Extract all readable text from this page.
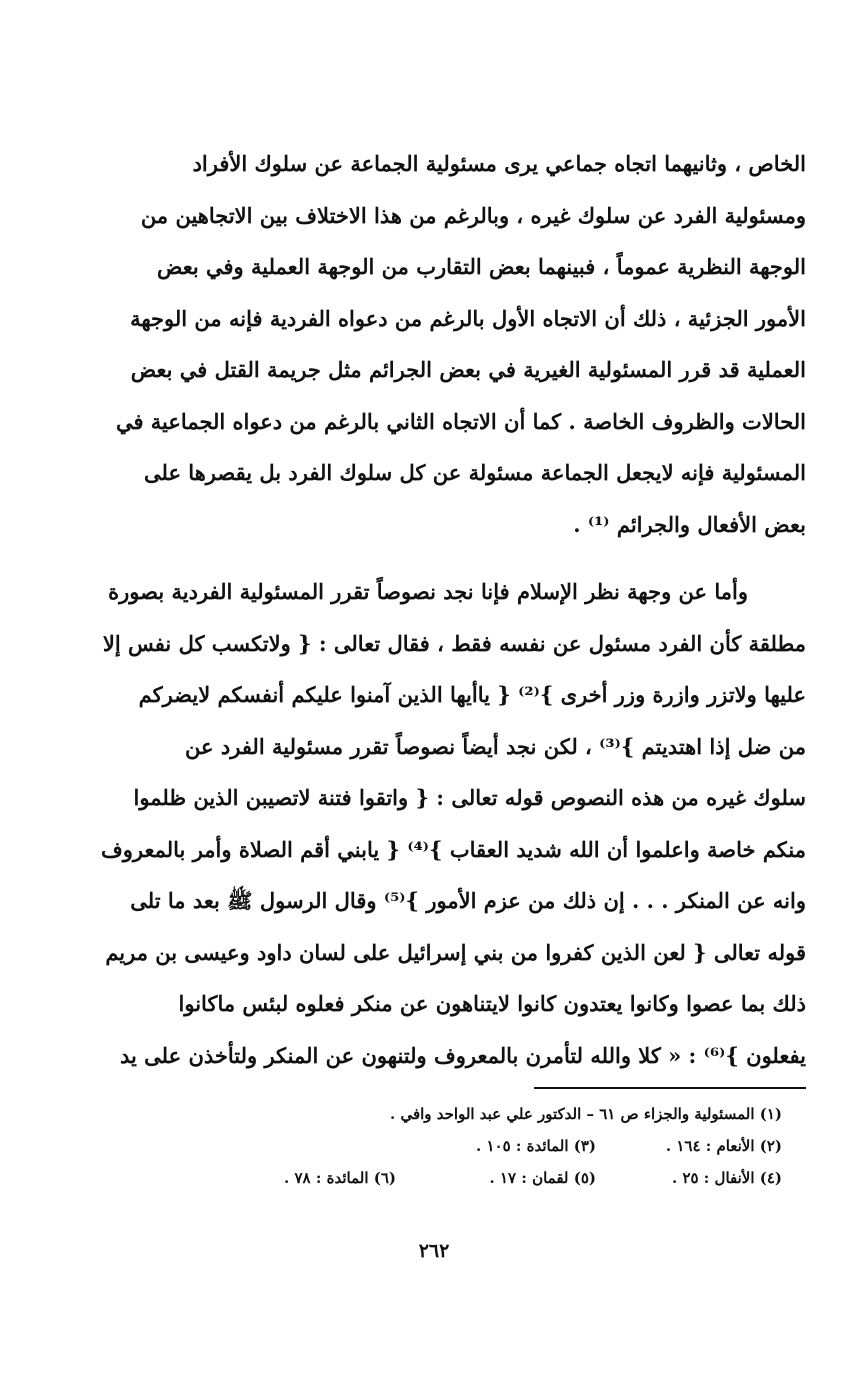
الخاص ، وثانيهما اتجاه جماعي يرى مسئولية الجماعة عن سلوك الأفراد
ومسئولية الفرد عن سلوك غيره ، وبالرغم من هذا الاختلاف بين الاتجاهين من
الوجهة النظرية عموماً ، فبينهما بعض التقارب من الوجهة العملية وفي بعض
الأمور الجزئية ، ذلك أن الاتجاه الأول بالرغم من دعواه الفردية فإنه من الوجهة
العملية قد قرر المسئولية الغيرية في بعض الجرائم مثل جريمة القتل في بعض
الحالات والظروف الخاصة . كما أن الاتجاه الثاني بالرغم من دعواه الجماعية في
المسئولية فإنه لايجعل الجماعة مسئولة عن كل سلوك الفرد بل يقصرها على
بعض الأفعال والجرائم ⁽¹⁾ .
وأما عن وجهة نظر الإسلام فإنا نجد نصوصاً تقرر المسئولية الفردية بصورة
مطلقة كأن الفرد مسئول عن نفسه فقط ، فقال تعالى : { ولاتكسب كل نفس إلا
عليها ولاتزر وازرة وزر أخرى }⁽²⁾ { ياأيها الذين آمنوا عليكم أنفسكم لايضركم
من ضل إذا اهتديتم }⁽³⁾ ، لكن نجد أيضاً نصوصاً تقرر مسئولية الفرد عن
سلوك غيره من هذه النصوص قوله تعالى : { واتقوا فتنة لاتصيبن الذين ظلموا
منكم خاصة واعلموا أن الله شديد العقاب }⁽⁴⁾ { يابني أقم الصلاة وأمر بالمعروف
وانه عن المنكر . . . إن ذلك من عزم الأمور }⁽⁵⁾ وقال الرسول ﷺ بعد ما تلى
قوله تعالى { لعن الذين كفروا من بني إسرائيل على لسان داود وعيسى بن مريم
ذلك بما عصوا وكانوا يعتدون كانوا لايتناهون عن منكر فعلوه لبئس ماكانوا
يفعلون }⁽⁶⁾ : « كلا والله لتأمرن بالمعروف ولتنهون عن المنكر ولتأخذن على يد
(١) المسئولية والجزاء ص ٦١ – الدكتور علي عبد الواحد وافي .
(٢) الأنعام : ١٦٤ .
(٣) المائدة : ١٠٥ .
(٤) الأنفال : ٢٥ .
(٥) لقمان : ١٧ .
(٦) المائدة : ٧٨ .
٢٦٢
